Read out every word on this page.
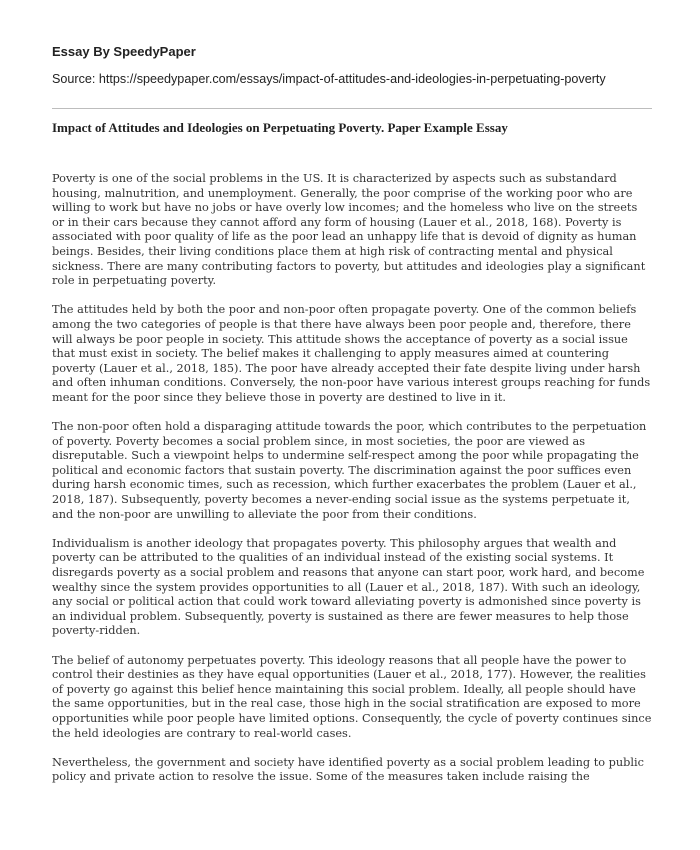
Essay By SpeedyPaper
Source: https://speedypaper.com/essays/impact-of-attitudes-and-ideologies-in-perpetuating-poverty
Impact of Attitudes and Ideologies on Perpetuating Poverty. Paper Example Essay

Poverty is one of the social problems in the US. It is characterized by aspects such as substandard housing, malnutrition, and unemployment. Generally, the poor comprise of the working poor who are willing to work but have no jobs or have overly low incomes; and the homeless who live on the streets or in their cars because they cannot afford any form of housing (Lauer et al., 2018, 168). Poverty is associated with poor quality of life as the poor lead an unhappy life that is devoid of dignity as human beings. Besides, their living conditions place them at high risk of contracting mental and physical sickness. There are many contributing factors to poverty, but attitudes and ideologies play a significant role in perpetuating poverty.

The attitudes held by both the poor and non-poor often propagate poverty. One of the common beliefs among the two categories of people is that there have always been poor people and, therefore, there will always be poor people in society. This attitude shows the acceptance of poverty as a social issue that must exist in society. The belief makes it challenging to apply measures aimed at countering poverty (Lauer et al., 2018, 185). The poor have already accepted their fate despite living under harsh and often inhuman conditions. Conversely, the non-poor have various interest groups reaching for funds meant for the poor since they believe those in poverty are destined to live in it.

The non-poor often hold a disparaging attitude towards the poor, which contributes to the perpetuation of poverty. Poverty becomes a social problem since, in most societies, the poor are viewed as disreputable. Such a viewpoint helps to undermine self-respect among the poor while propagating the political and economic factors that sustain poverty. The discrimination against the poor suffices even during harsh economic times, such as recession, which further exacerbates the problem (Lauer et al., 2018, 187). Subsequently, poverty becomes a never-ending social issue as the systems perpetuate it, and the non-poor are unwilling to alleviate the poor from their conditions.

Individualism is another ideology that propagates poverty. This philosophy argues that wealth and poverty can be attributed to the qualities of an individual instead of the existing social systems. It disregards poverty as a social problem and reasons that anyone can start poor, work hard, and become wealthy since the system provides opportunities to all (Lauer et al., 2018, 187). With such an ideology, any social or political action that could work toward alleviating poverty is admonished since poverty is an individual problem. Subsequently, poverty is sustained as there are fewer measures to help those poverty-ridden.

The belief of autonomy perpetuates poverty. This ideology reasons that all people have the power to control their destinies as they have equal opportunities (Lauer et al., 2018, 177). However, the realities of poverty go against this belief hence maintaining this social problem. Ideally, all people should have the same opportunities, but in the real case, those high in the social stratification are exposed to more opportunities while poor people have limited options. Consequently, the cycle of poverty continues since the held ideologies are contrary to real-world cases.

Nevertheless, the government and society have identified poverty as a social problem leading to public policy and private action to resolve the issue. Some of the measures taken include raising the
